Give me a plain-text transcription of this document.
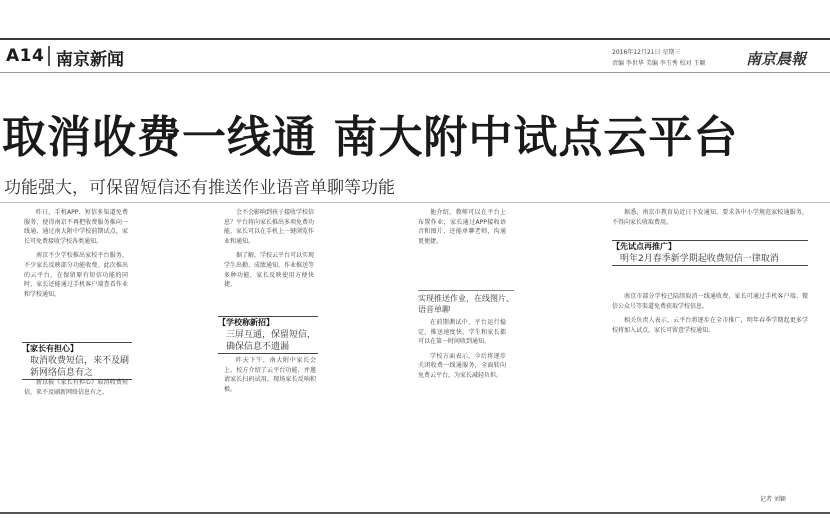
A14 南京新闻	2016年12月21日 星期三
责编 李世华 美编 李玉秀 校对 王颖	南京晨報
取消收费一线通 南大附中试点云平台
功能强大，可保留短信还有推送作业语音单聊等功能

昨日，手机APP、短信多渠道免费服务，使得南京不再把收费服务推向一线通，通过南大附中学校前期试点，家长可免费接收学校各类通知。

南京不少学校推出家校平台服务，不少家长反映部分功能收费。此次推出的云平台，在保留原有短信功能的同时，家长还能通过手机客户端查看作业和学校通知。

【家长有担心】
取消收费短信，来不及刷新网络信息有之

新京报《家长有担心》取消收费短信，来不及刷新网络信息有之。

会不会影响到孩子接收学校信息？平台将向家长推出多项免费功能，家长可以在手机上一键浏览作业和通知。

据了解，学校云平台可以实现学生出勤、成绩通知、作业推送等多种功能，家长反映使用方便快捷。

【学校称新招】
三屏互通，保留短信，确保信息不遗漏

昨天下午，南大附中家长会上，校方介绍了云平台功能，并邀请家长扫码试用，现场家长反响积极。

他介绍，教师可以在平台上布置作业，家长通过APP接收语音和图片，还能单聊老师，沟通更便捷。

实现推送作业，在线图片、语音单聊

在前期测试中，平台运行稳定，推送速度快，学生和家长都可以在第一时间收到通知。

学校方面表示，今后将逐步关闭收费一线通服务，全面转向免费云平台，为家长减轻负担。

据悉，南京市教育局近日下发通知，要求各中小学规范家校通服务，不得向家长收取费用。

【先试点再推广】
明年2月春季新学期起收费短信一律取消

南京市部分学校已陆续取消一线通收费，家长可通过手机客户端、微信公众号等渠道免费获取学校信息。

相关负责人表示，云平台将逐步在全市推广，明年春季学期起更多学校将加入试点，家长可留意学校通知。

记者 刘颖
